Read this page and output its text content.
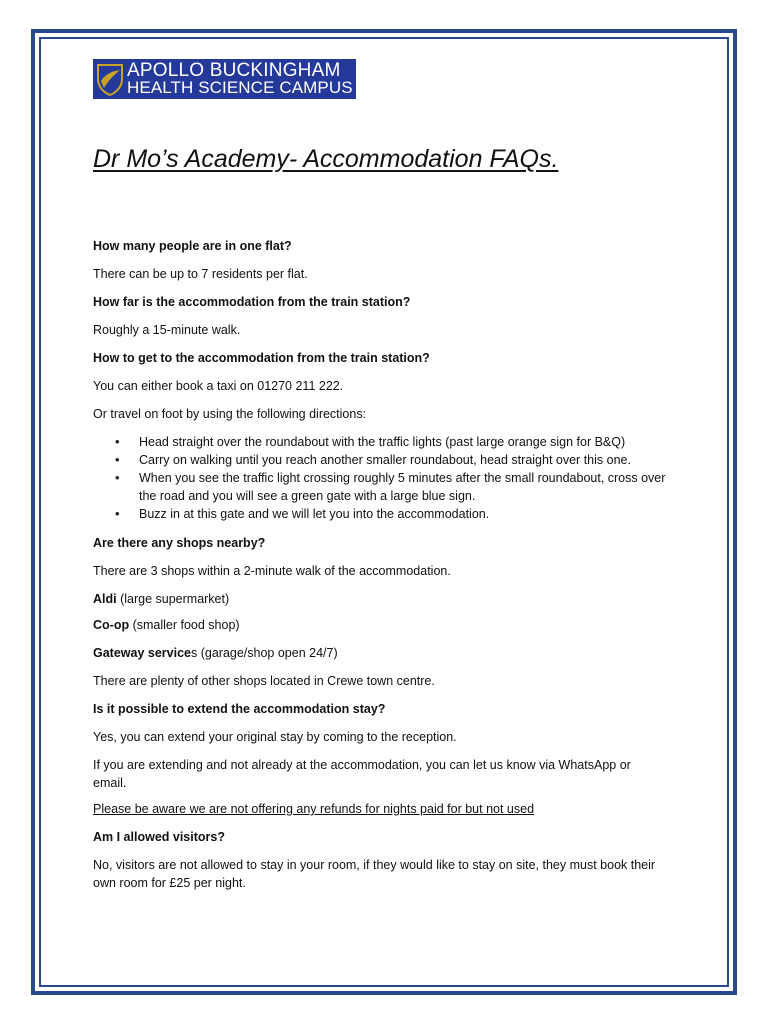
APOLLO BUCKINGHAM
HEALTH SCIENCE CAMPUS
Dr Mo’s Academy- Accommodation FAQs.

How many people are in one flat?

There can be up to 7 residents per flat.

How far is the accommodation from the train station?

Roughly a 15-minute walk.

How to get to the accommodation from the train station?

You can either book a taxi on 01270 211 222.

Or travel on foot by using the following directions:

• Head straight over the roundabout with the traffic lights (past large orange sign for B&Q)
• Carry on walking until you reach another smaller roundabout, head straight over this one.
• When you see the traffic light crossing roughly 5 minutes after the small roundabout, cross over the road and you will see a green gate with a large blue sign.
• Buzz in at this gate and we will let you into the accommodation.

Are there any shops nearby?

There are 3 shops within a 2-minute walk of the accommodation.

Aldi (large supermarket)

Co-op (smaller food shop)

Gateway services (garage/shop open 24/7)

There are plenty of other shops located in Crewe town centre.

Is it possible to extend the accommodation stay?

Yes, you can extend your original stay by coming to the reception.

If you are extending and not already at the accommodation, you can let us know via WhatsApp or email.

Please be aware we are not offering any refunds for nights paid for but not used

Am I allowed visitors?

No, visitors are not allowed to stay in your room, if they would like to stay on site, they must book their own room for £25 per night.
